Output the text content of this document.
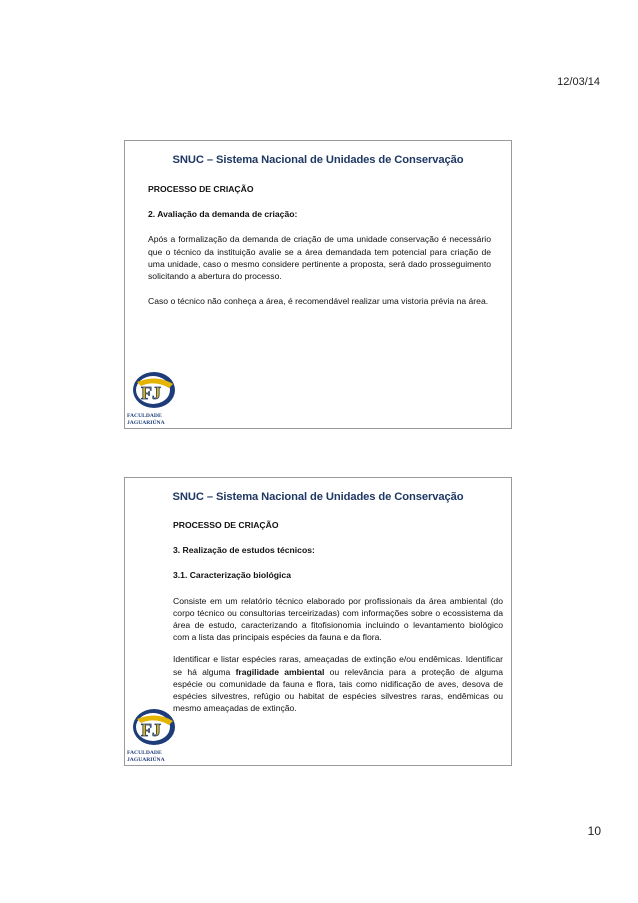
12/03/14
SNUC – Sistema Nacional de Unidades de Conservação

PROCESSO DE CRIAÇÃO

2. Avaliação da demanda de criação:

Após a formalização da demanda de criação de uma unidade conservação é necessário que o técnico da instituição avalie se a área demandada tem potencial para criação de uma unidade, caso o mesmo considere pertinente a proposta, será dado prosseguimento solicitando a abertura do processo.

Caso o técnico não conheça a área, é recomendável realizar uma vistoria prévia na área.

FJ
FACULDADE
JAGUARIÚNA
SNUC – Sistema Nacional de Unidades de Conservação

PROCESSO DE CRIAÇÃO

3. Realização de estudos técnicos:

3.1. Caracterização biológica

Consiste em um relatório técnico elaborado por profissionais da área ambiental (do corpo técnico ou consultorias terceirizadas) com informações sobre o ecossistema da área de estudo, caracterizando a fitofisionomia incluindo o levantamento biológico com a lista das principais espécies da fauna e da flora.

Identificar e listar espécies raras, ameaçadas de extinção e/ou endêmicas. Identificar se há alguma fragilidade ambiental ou relevância para a proteção de alguma espécie ou comunidade da fauna e flora, tais como nidificação de aves, desova de espécies silvestres, refúgio ou habitat de espécies silvestres raras, endêmicas ou mesmo ameaçadas de extinção.

FJ
FACULDADE
JAGUARIÚNA
10
